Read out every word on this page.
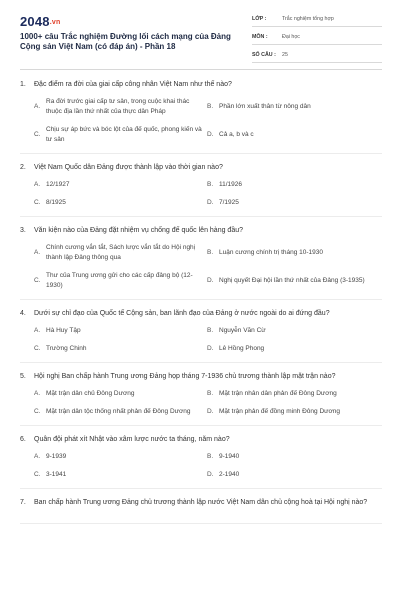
2048.vn
1000+ câu Trắc nghiệm Đường lối cách mạng của Đảng Cộng sản Việt Nam (có đáp án) - Phần 18
LỚP :	Trắc nghiệm tổng hợp
MÔN :	Đại học
SỐ CÂU :	25
1.	Đặc điểm ra đời của giai cấp công nhân Việt Nam như thế nào?
A.
Ra đời trước giai cấp tư sản, trong cuộc khai thác thuộc địa lần thứ nhất của thực dân Pháp
B. Phần lớn xuất thân từ nông dân
C.
Chịu sự áp bức và bóc lột của đế quốc, phong kiến và tư sản
D. Cả a, b và c
2.	Việt Nam Quốc dân Đảng được thành lập vào thời gian nào?
A. 12/1927	B. 11/1926
C. 8/1925	D. 7/1925
3.	Văn kiện nào của Đảng đặt nhiệm vụ chống đế quốc lên hàng đầu?
A.
Chính cương vắn tắt, Sách lược vắn tắt do Hội nghị thành lập Đảng thông qua
B. Luận cương chính trị tháng 10-1930
C.
Thư của Trung ương gửi cho các cấp đảng bộ (12-1930)
D. Nghị quyết Đại hội lần thứ nhất của Đảng (3-1935)
4.	Dưới sự chỉ đạo của Quốc tế Cộng sản, ban lãnh đạo của Đảng ở nước ngoài do ai đứng đầu?
A. Hà Huy Tập	B. Nguyễn Văn Cừ
C. Trường Chinh	D. Lê Hồng Phong
5.	Hội nghị Ban chấp hành Trung ương Đảng họp tháng 7-1936 chủ trương thành lập mặt trận nào?
A. Mặt trận dân chủ Đông Dương	B. Mặt trận nhân dân phản đế Đông Dương
C. Mặt trận dân tộc thống nhất phản đế Đông Dương	D. Mặt trận phản đế đồng minh Đông Dương
6.	Quân đội phát xít Nhật vào xâm lược nước ta tháng, năm nào?
A. 9-1939	B. 9-1940
C. 3-1941	D. 2-1940
7.	Ban chấp hành Trung ương Đảng chủ trương thành lập nước Việt Nam dân chủ cộng hoà tại Hội nghị nào?
